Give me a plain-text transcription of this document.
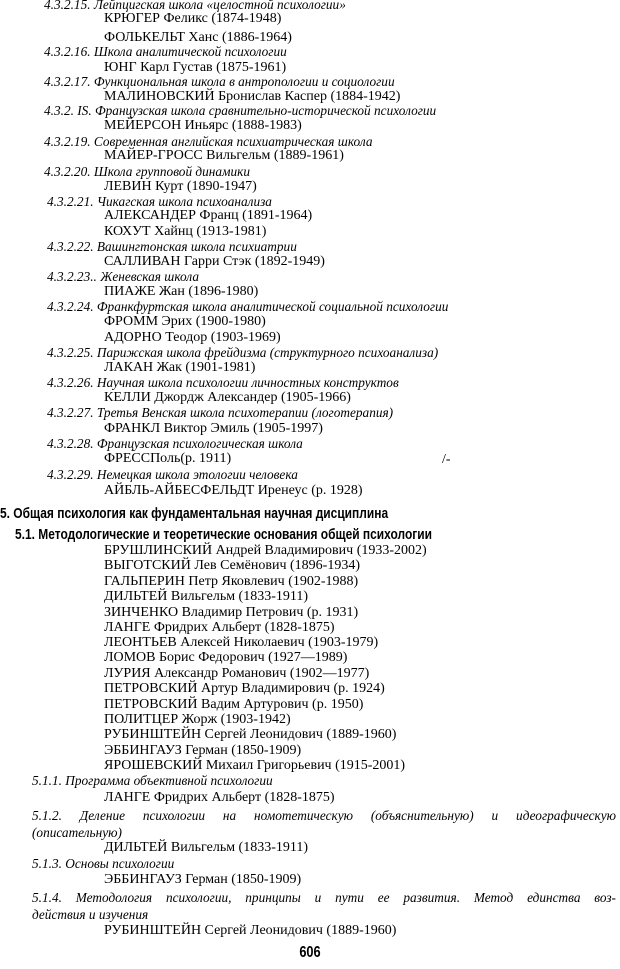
4.3.2.15. Лейпцигская школа «целостной психологии»
КРЮГЕР Феликс (1874-1948)
ФОЛЬКЕЛЬТ Ханс (1886-1964)
4.3.2.16. Школа аналитической психологии
ЮНГ Карл Густав (1875-1961)
4.3.2.17. Функциональная школа в антропологии и социологии
МАЛИНОВСКИЙ Бронислав Каспер (1884-1942)
4.3.2. IS. Французская школа сравнительно-исторической психологии
МЕЙЕРСОН Иньярс (1888-1983)
4.3.2.19. Современная английская психиатрическая школа
МАЙЕР-ГРОСС Вильгельм (1889-1961)
4.3.2.20. Школа групповой динамики
ЛЕВИН Курт (1890-1947)
4.3.2.21. Чикагская школа психоанализа
АЛЕКСАНДЕР Франц (1891-1964)
КОХУТ Хайнц (1913-1981)
4.3.2.22. Вашингтонская школа психиатрии
САЛЛИВАН Гарри Стэк (1892-1949)
4.3.2.23.. Женевская школа
ПИАЖЕ Жан (1896-1980)
4.3.2.24. Франкфуртская школа аналитической социальной психологии
ФРОММ Эрих (1900-1980)
АДОРНО Теодор (1903-1969)
4.3.2.25. Парижская школа фрейдизма (структурного психоанализа)
ЛАКАН Жак (1901-1981)
4.3.2.26. Научная школа психологии личностных конструктов
КЕЛЛИ Джордж Александер (1905-1966)
4.3.2.27. Третья Венская школа психотерапии (логотерапия)
ФРАНКЛ Виктор Эмиль (1905-1997)
4.3.2.28. Французская психологическая школа
ФРЕССПоль(р. 1911)
4.3.2.29. Немецкая школа этологии человека
АЙБЛЬ-АЙБЕСФЕЛЬДТ Иренеус (р. 1928)
5. Общая психология как фундаментальная научная дисциплина
5.1. Методологические и теоретические основания общей психологии
БРУШЛИНСКИЙ Андрей Владимирович (1933-2002)
ВЫГОТСКИЙ Лев Семёнович (1896-1934)
ГАЛЬПЕРИН Петр Яковлевич (1902-1988)
ДИЛЬТЕЙ Вильгельм (1833-1911)
ЗИНЧЕНКО Владимир Петрович (р. 1931)
ЛАНГЕ Фридрих Альберт (1828-1875)
ЛЕОНТЬЕВ Алексей Николаевич (1903-1979)
ЛОМОВ Борис Федорович (1927—1989)
ЛУРИЯ Александр Романович (1902—1977)
ПЕТРОВСКИЙ Артур Владимирович (р. 1924)
ПЕТРОВСКИЙ Вадим Артурович (р. 1950)
ПОЛИТЦЕР Жорж (1903-1942)
РУБИНШТЕЙН Сергей Леонидович (1889-1960)
ЭББИНГАУЗ Герман (1850-1909)
ЯРОШЕВСКИЙ Михаил Григорьевич (1915-2001)
5.1.1. Программа объективной психологии
ЛАНГЕ Фридрих Альберт (1828-1875)
5.1.2. Деление психологии на номотетическую (объяснительную) и идеографическую
(описательную)
ДИЛЬТЕЙ Вильгельм (1833-1911)
5.1.3. Основы психологии
ЭББИНГАУЗ Герман (1850-1909)
5.1.4. Методология психологии, принципы и пути ее развития. Метод единства воз-
действия и изучения
РУБИНШТЕЙН Сергей Леонидович (1889-1960)
/-
606
